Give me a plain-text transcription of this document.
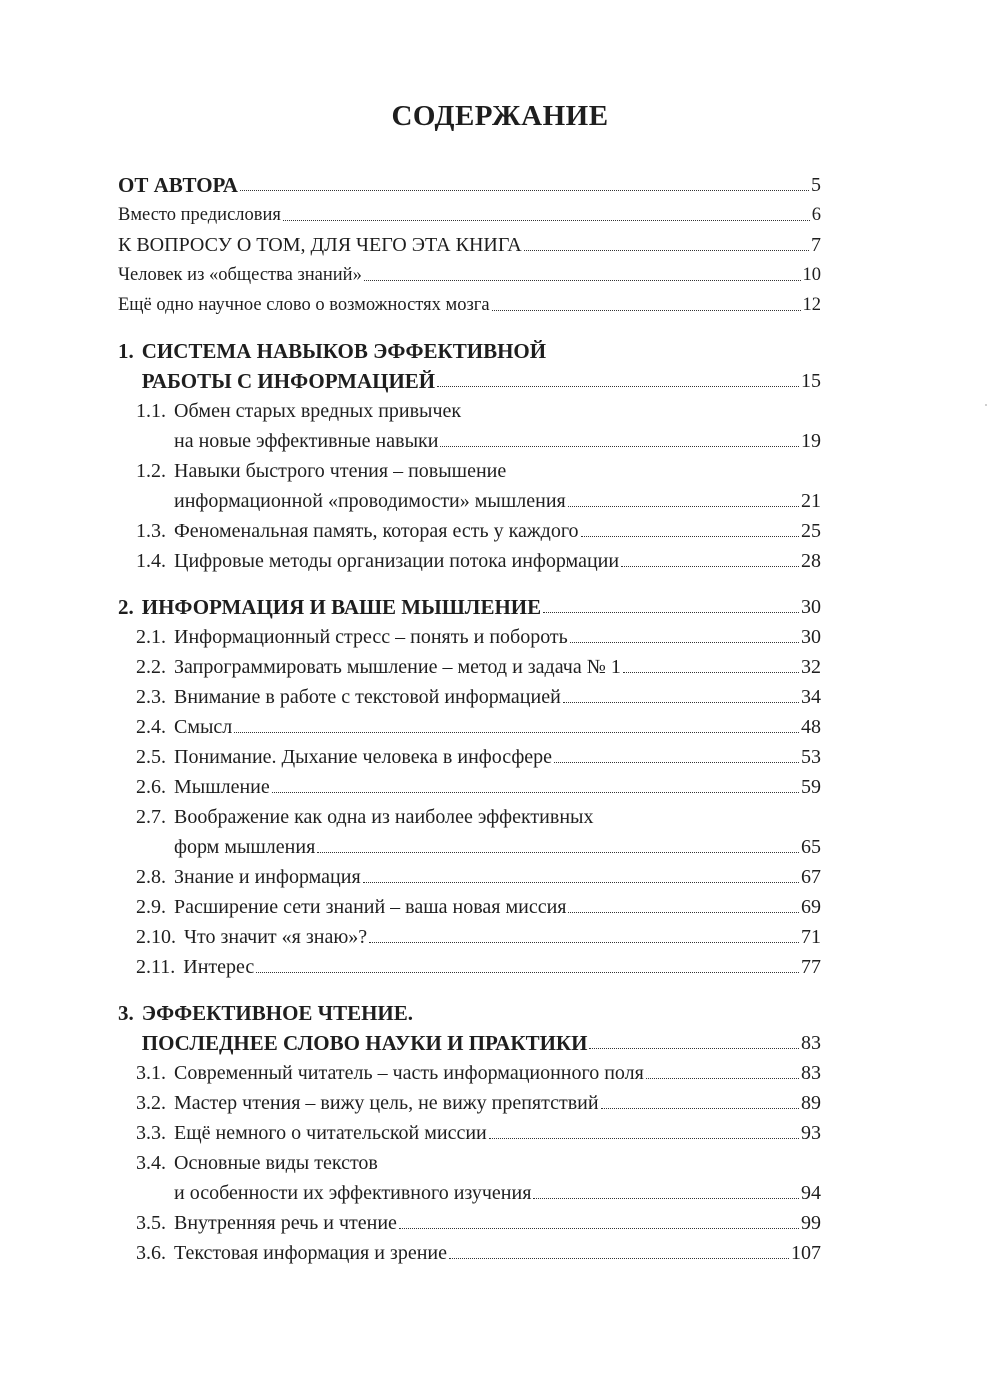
СОДЕРЖАНИЕ
ОТ АВТОРА	5
Вместо предисловия	6
К ВОПРОСУ О ТОМ, ДЛЯ ЧЕГО ЭТА КНИГА	7
Человек из «общества знаний»	10
Ещё одно научное слово о возможностях мозга	12
1. СИСТЕМА НАВЫКОВ ЭФФЕКТИВНОЙ
РАБОТЫ С ИНФОРМАЦИЕЙ	15
1.1. Обмен старых вредных привычек
на новые эффективные навыки	19
1.2. Навыки быстрого чтения – повышение
информационной «проводимости» мышления	21
1.3. Феноменальная память, которая есть у каждого	25
1.4. Цифровые методы организации потока информации	28
2. ИНФОРМАЦИЯ И ВАШЕ МЫШЛЕНИЕ	30
2.1. Информационный стресс – понять и побороть	30
2.2. Запрограммировать мышление – метод и задача № 1	32
2.3. Внимание в работе с текстовой информацией	34
2.4. Смысл	48
2.5. Понимание. Дыхание человека в инфосфере	53
2.6. Мышление	59
2.7. Воображение как одна из наиболее эффективных
форм мышления	65
2.8. Знание и информация	67
2.9. Расширение сети знаний – ваша новая миссия	69
2.10. Что значит «я знаю»?	71
2.11. Интерес	77
3. ЭФФЕКТИВНОЕ ЧТЕНИЕ.
ПОСЛЕДНЕЕ СЛОВО НАУКИ И ПРАКТИКИ	83
3.1. Современный читатель – часть информационного поля	83
3.2. Мастер чтения – вижу цель, не вижу препятствий	89
3.3. Ещё немного о читательской миссии	93
3.4. Основные виды текстов
и особенности их эффективного изучения	94
3.5. Внутренняя речь и чтение	99
3.6. Текстовая информация и зрение	107
